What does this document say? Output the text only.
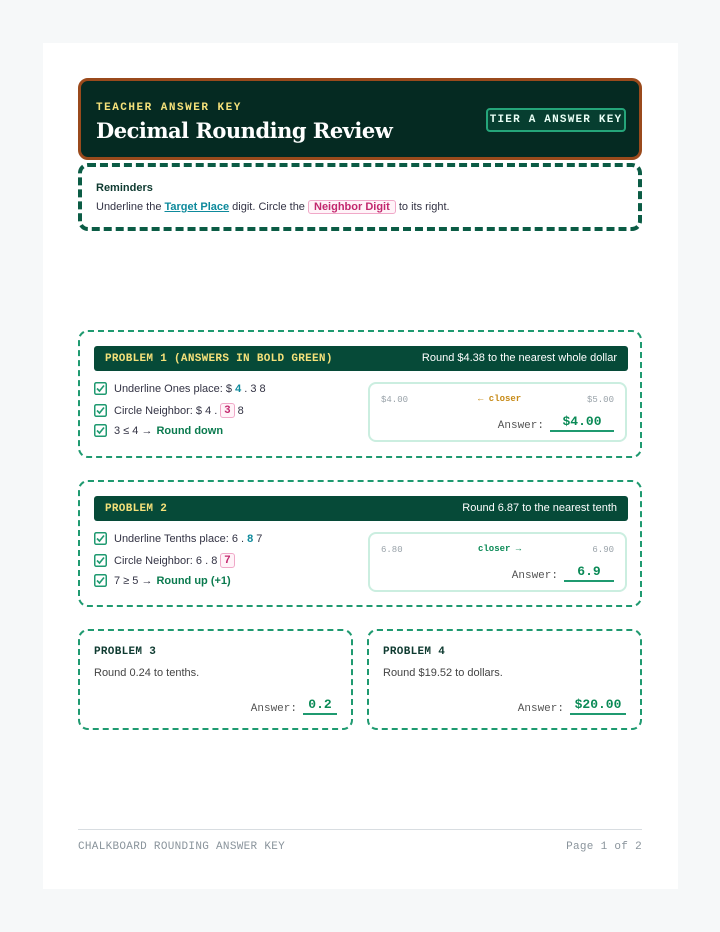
TEACHER ANSWER KEY
Decimal Rounding Review	TIER A ANSWER KEY
Reminders
Underline the Target Place digit. Circle the Neighbor Digit to its right.
PROBLEM 1 (ANSWERS IN BOLD GREEN)	Round $4.38 to the nearest whole dollar
Underline Ones place: $
4
. 3 8
Circle Neighbor: $ 4 .
3
8
3 ≤ 4 → Round down
$4.00	← closer	$5.00
Answer:	$4.00
PROBLEM 2	Round 6.87 to the nearest tenth
Underline Tenths place: 6 .
8
7
Circle Neighbor: 6 . 8
7
7 ≥ 5 → Round up (+1)
6.80	closer →	6.90
Answer:	6.9
PROBLEM 3
Round 0.24 to tenths.
Answer: 0.2
PROBLEM 4
Round $19.52 to dollars.
Answer: $20.00
CHALKBOARD ROUNDING ANSWER KEY	Page 1 of 2
